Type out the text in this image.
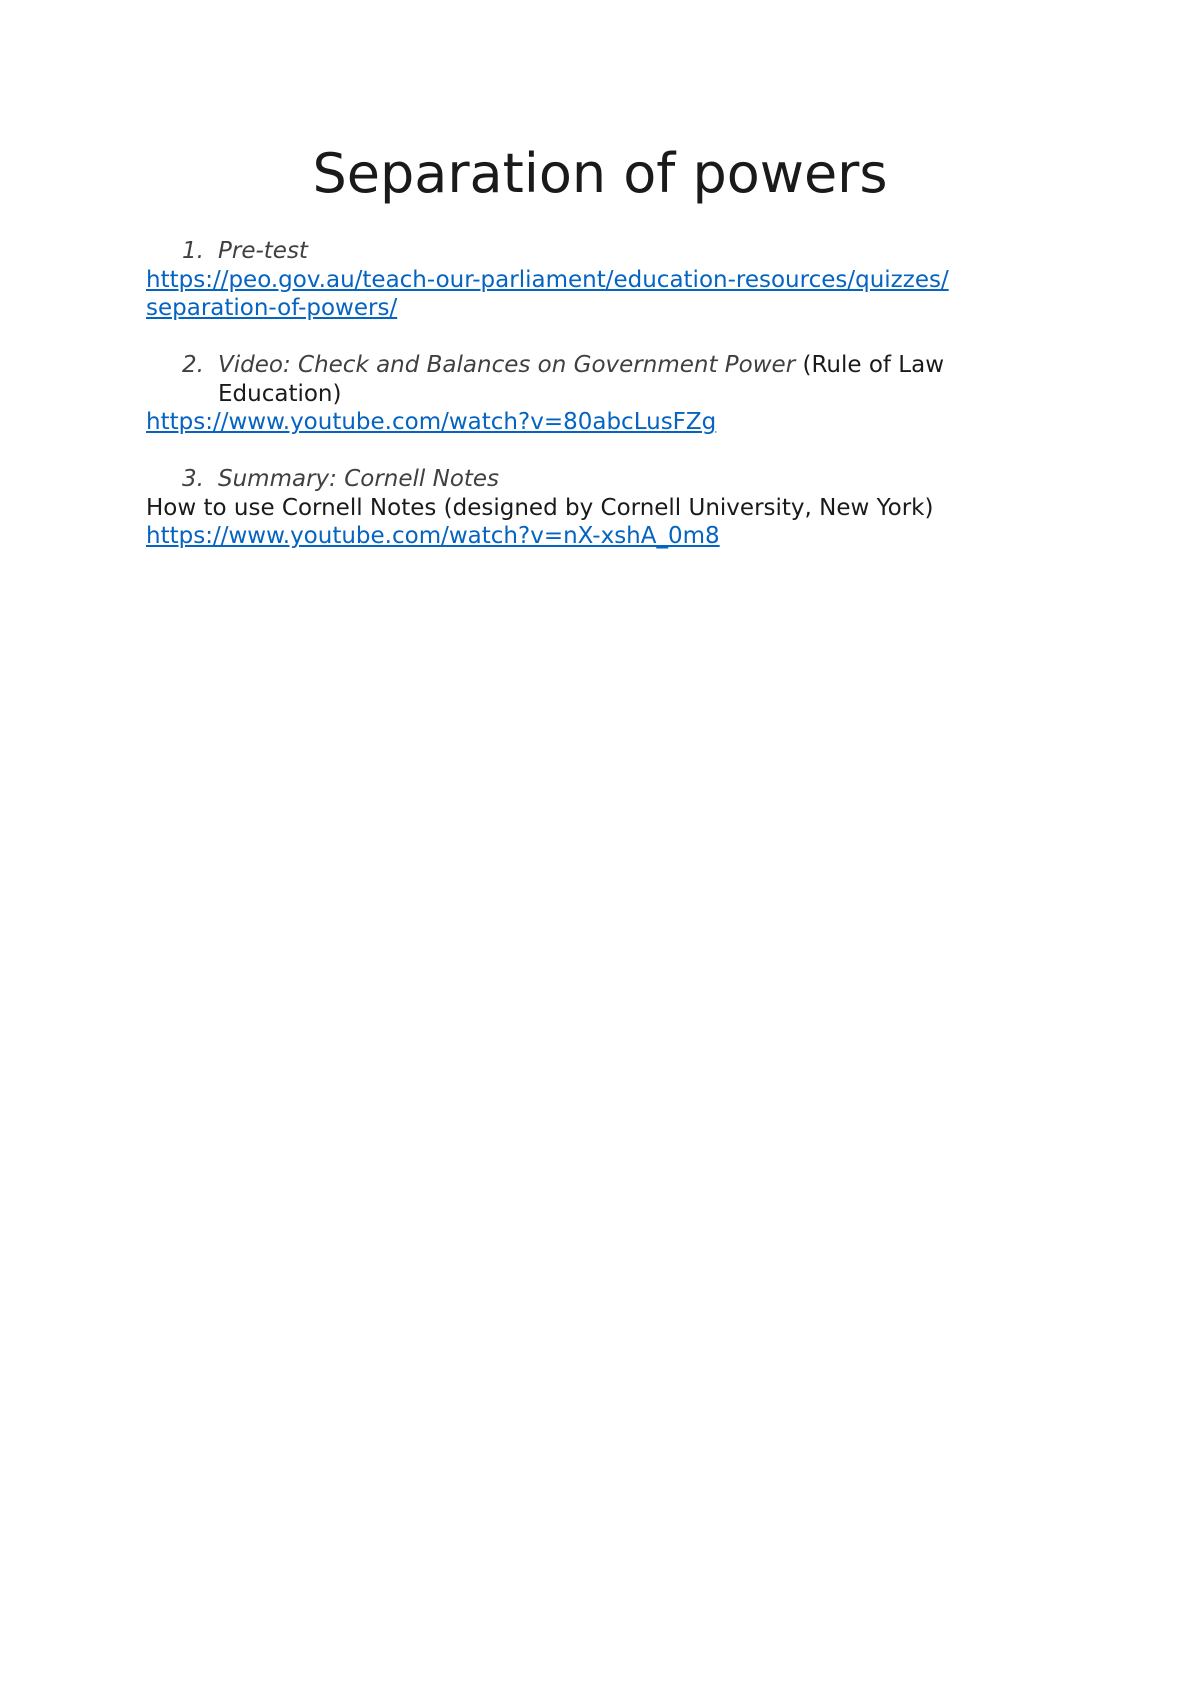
Separation of powers
1. Pre-test
https://peo.gov.au/teach-our-parliament/education-resources/quizzes/
separation-of-powers/
2. Video: Check and Balances on Government Power (Rule of Law Education)
https://www.youtube.com/watch?v=80abcLusFZg
3. Summary: Cornell Notes
How to use Cornell Notes (designed by Cornell University, New York)
https://www.youtube.com/watch?v=nX-xshA_0m8
